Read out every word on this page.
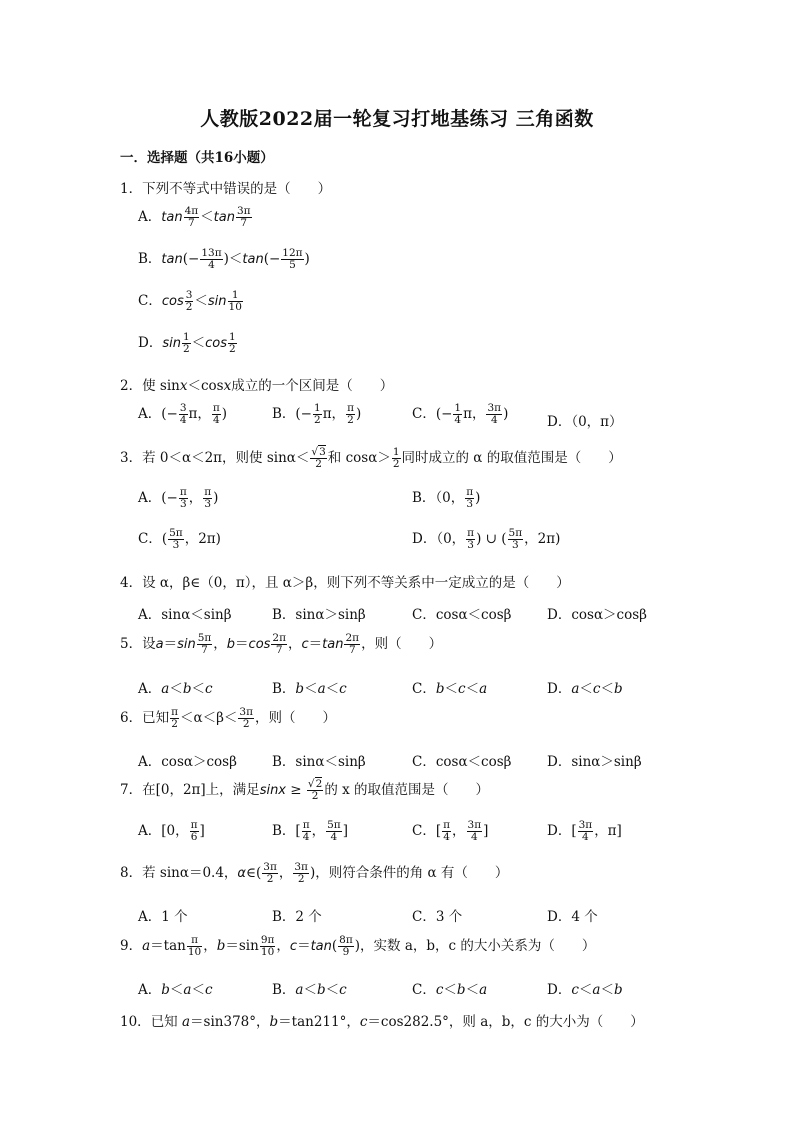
人教版2022届一轮复习打地基练习 三角函数
一．选择题（共16小题）
1．下列不等式中错误的是（　　）
A．$\tan \frac{4\pi}{7} <\tan \frac{3\pi}{7}$
B．$\tan(- \frac{13\pi}{4} )<\tan(- \frac{12\pi}{5}$ )
C．$\cos \frac{3}{2} <\sin \frac{1}{10}$
D．$\sin \frac{1}{2} <\cos \frac{1}{2}$
2．使 sinx＜cosx成立的一个区间是（　　）
A．(− $\frac{3}{4}$ π， $\frac{\pi}{4}$ )	B．(− $\frac{1}{2}$ π， $\frac{\pi}{2}$ )	C．(− $\frac{1}{4}$ π， $\frac{3\pi}{4}$ )	D．（0，π）
3．若 0＜α＜2π，则使 $\sin\alpha< \frac{√3}{2}$ 和 $\cos\alpha> \frac{1}{2}$ 同时成立的 α 的取值范围是（　　）
A．(− $\frac{\pi}{3}$ ， $\frac{\pi}{3}$ )	B．（0， $\frac{\pi}{3}$ )
C．( $\frac{5\pi}{3}$ ，2π)	D．（0， $\frac{\pi}{3}$ ) ∪ ( $\frac{5\pi}{3}$ ，2π)
4．设 α，β∈（0，π），且 α＞β，则下列不等关系中一定成立的是（　　）
A．sinα＜sinβ	B．sinα＞sinβ	C．cosα＜cosβ	D．cosα＞cosβ
5．设$a=\sin \frac{5\pi}{7}$ ，$b=\cos \frac{2\pi}{7}$ ，$c=\tan \frac{2\pi}{7}$ ，则（　　）
A．a＜b＜c	B．b＜a＜c	C．b＜c＜a	D．a＜c＜b
6．已知 $\frac{\pi}{2} <\alpha<\beta< \frac{3\pi}{2}$ ，则（　　）
A．cosα＞cosβ	B．sinα＜sinβ	C．cosα＜cosβ	D．sinα＞sinβ
7．在[0，2π]上，满足$\sin x \ge \frac{√2}{2}$ 的 x 的取值范围是（　　）
A．[0， $\frac{\pi}{6}$ ]	B．[ $\frac{\pi}{4}$ ， $\frac{5\pi}{4}$ ]	C．[ $\frac{\pi}{4}$ ， $\frac{3\pi}{4}$ ]	D．[ $\frac{3\pi}{4}$ ，π]
8．若 sinα＝0.4，α∈( $\frac{3\pi}{2}$ ， $\frac{3\pi}{2}$ )，则符合条件的角 α 有（　　）
A．1 个	B．2 个	C．3 个	D．4 个
9．$a=\tan \frac{\pi}{10}$ ，$b=\sin \frac{9\pi}{10}$ ，$c=\tan( \frac{8\pi}{9}$ )，实数 a，b，c 的大小关系为（　　）
A．b＜a＜c	B．a＜b＜c	C．c＜b＜a	D．c＜a＜b
10．已知 a＝sin378°，b＝tan211°，c＝cos282.5°，则 a，b，c 的大小为（　　）
